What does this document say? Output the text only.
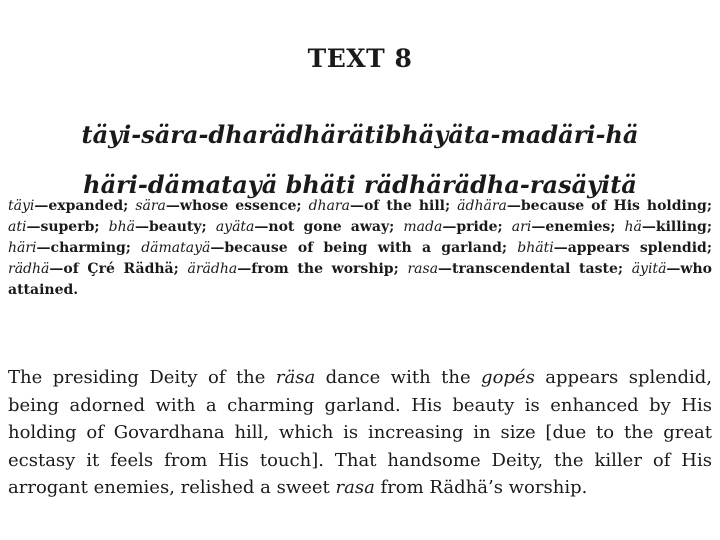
TEXT 8
täyi-sära-dharädhärätibhäyäta-madäri-hä
häri-dämatayä bhäti rädhärädha-rasäyitä
täyi—expanded; sära—whose essence; dhara—of the hill; ädhära—because of His holding; ati—superb; bhä—beauty; ayäta—not gone away; mada—pride; ari—enemies; hä—killing; häri—charming; dämatayä—because of being with a garland; bhäti—appears splendid; rädhä—of Çré Rädhä; ärädha—from the worship; rasa—transcendental taste; äyitä—who attained.
The presiding Deity of the räsa dance with the gopés appears splendid, being adorned with a charming garland. His beauty is enhanced by His holding of Govardhana hill, which is increasing in size [due to the great ecstasy it feels from His touch]. That handsome Deity, the killer of His arrogant enemies, relished a sweet rasa from Rädhä’s worship.
